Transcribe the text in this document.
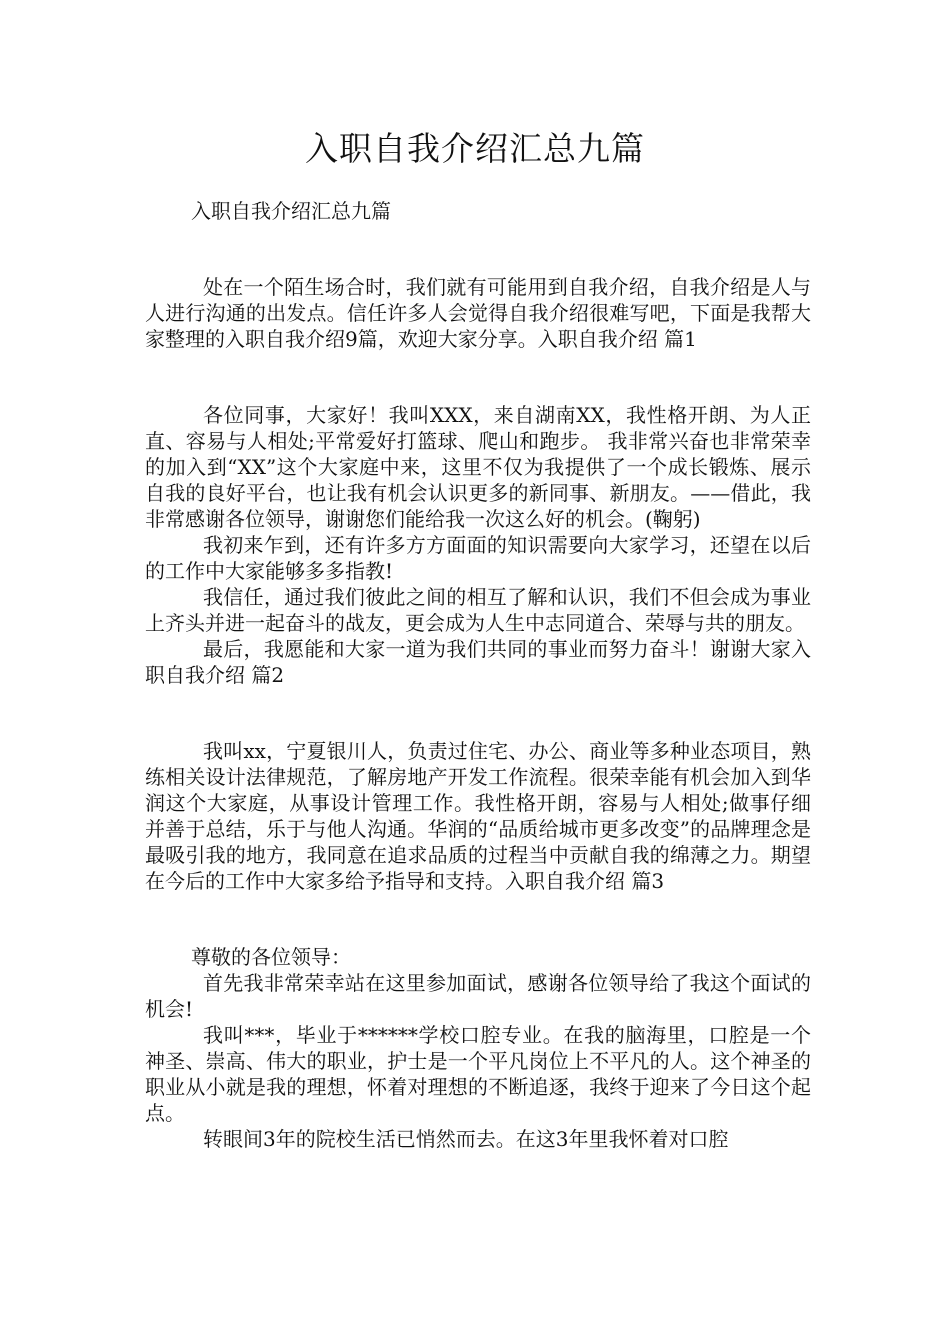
入职自我介绍汇总九篇

入职自我介绍汇总九篇

处在一个陌生场合时，我们就有可能用到自我介绍，自我介绍是人与人进行沟通的出发点。信任许多人会觉得自我介绍很难写吧，下面是我帮大家整理的入职自我介绍9篇，欢迎大家分享。入职自我介绍 篇1

各位同事，大家好！我叫XXX，来自湖南XX，我性格开朗、为人正直、容易与人相处;平常爱好打篮球、爬山和跑步。 我非常兴奋也非常荣幸的加入到“XX”这个大家庭中来，这里不仅为我提供了一个成长锻炼、展示自我的良好平台，也让我有机会认识更多的新同事、新朋友。——借此，我非常感谢各位领导，谢谢您们能给我一次这么好的机会。(鞠躬)

我初来乍到，还有许多方方面面的知识需要向大家学习，还望在以后的工作中大家能够多多指教!

我信任，通过我们彼此之间的相互了解和认识，我们不但会成为事业上齐头并进一起奋斗的战友，更会成为人生中志同道合、荣辱与共的朋友。

最后，我愿能和大家一道为我们共同的事业而努力奋斗！谢谢大家入职自我介绍 篇2

我叫xx，宁夏银川人，负责过住宅、办公、商业等多种业态项目，熟练相关设计法律规范，了解房地产开发工作流程。很荣幸能有机会加入到华润这个大家庭，从事设计管理工作。我性格开朗，容易与人相处;做事仔细并善于总结，乐于与他人沟通。华润的“品质给城市更多改变”的品牌理念是最吸引我的地方，我同意在追求品质的过程当中贡献自我的绵薄之力。期望在今后的工作中大家多给予指导和支持。入职自我介绍 篇3

尊敬的各位领导：

首先我非常荣幸站在这里参加面试，感谢各位领导给了我这个面试的机会!

我叫***，毕业于******学校口腔专业。在我的脑海里，口腔是一个神圣、崇高、伟大的职业，护士是一个平凡岗位上不平凡的人。这个神圣的职业从小就是我的理想，怀着对理想的不断追逐，我终于迎来了今日这个起点。

转眼间3年的院校生活已悄然而去。在这3年里我怀着对口腔
